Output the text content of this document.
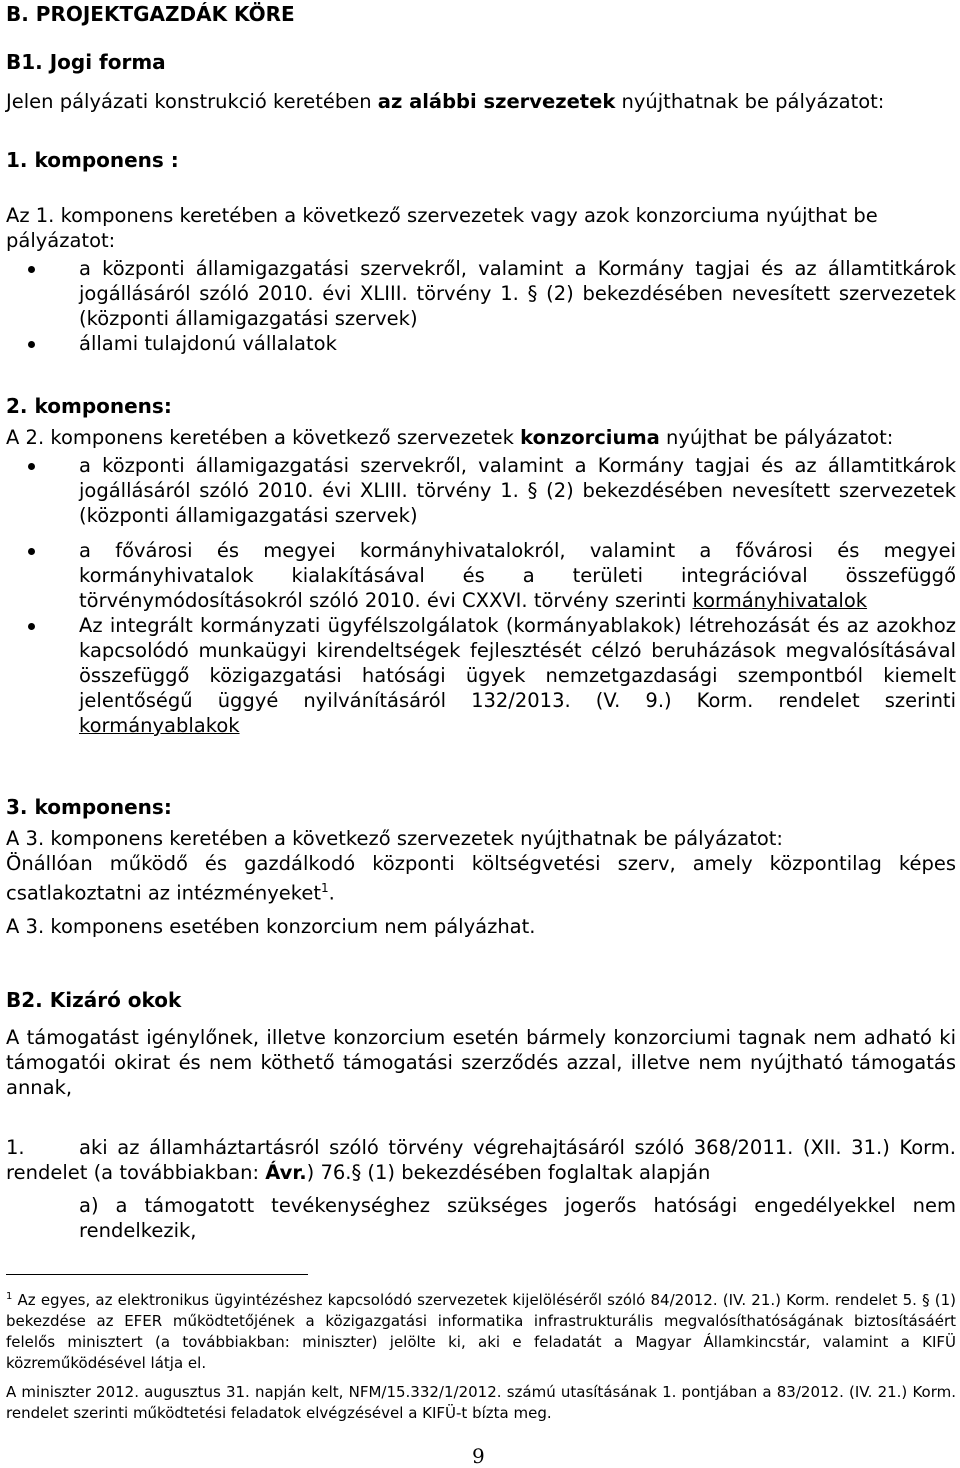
B. PROJEKTGAZDÁK KÖRE

B1. Jogi forma

Jelen pályázati konstrukció keretében az alábbi szervezetek nyújthatnak be pályázatot:

1. komponens :

Az 1. komponens keretében a következő szervezetek vagy azok konzorciuma nyújthat be pályázatot:

a központi államigazgatási szervekről, valamint a Kormány tagjai és az államtitkárok jogállásáról szóló 2010. évi XLIII. törvény 1. § (2) bekezdésében nevesített szervezetek (központi államigazgatási szervek)
állami tulajdonú vállalatok

2. komponens:

A 2. komponens keretében a következő szervezetek konzorciuma nyújthat be pályázatot:

a központi államigazgatási szervekről, valamint a Kormány tagjai és az államtitkárok jogállásáról szóló 2010. évi XLIII. törvény 1. § (2) bekezdésében nevesített szervezetek (központi államigazgatási szervek)
a fővárosi és megyei kormányhivatalokról, valamint a fővárosi és megyei kormányhivatalok kialakításával és a területi integrációval összefüggő törvénymódosításokról szóló 2010. évi CXXVI. törvény szerinti kormányhivatalok
Az integrált kormányzati ügyfélszolgálatok (kormányablakok) létrehozását és az azokhoz kapcsolódó munkaügyi kirendeltségek fejlesztését célzó beruházások megvalósításával összefüggő közigazgatási hatósági ügyek nemzetgazdasági szempontból kiemelt jelentőségű üggyé nyilvánításáról 132/2013. (V. 9.) Korm. rendelet szerinti kormányablakok

3. komponens:

A 3. komponens keretében a következő szervezetek nyújthatnak be pályázatot:

Önállóan működő és gazdálkodó központi költségvetési szerv, amely központilag képes csatlakoztatni az intézményeket$^1$.

A 3. komponens esetében konzorcium nem pályázhat.

B2. Kizáró okok

A támogatást igénylőnek, illetve konzorcium esetén bármely konzorciumi tagnak nem adható ki támogatói okirat és nem köthető támogatási szerződés azzal, illetve nem nyújtható támogatás annak,

1.	aki az államháztartásról szóló törvény végrehajtásáról szóló 368/2011. (XII. 31.) Korm. rendelet (a továbbiakban: Ávr.) 76.§ (1) bekezdésében foglaltak alapján

a) a támogatott tevékenységhez szükséges jogerős hatósági engedélyekkel nem rendelkezik,

$^1$ Az egyes, az elektronikus ügyintézéshez kapcsolódó szervezetek kijelöléséről szóló 84/2012. (IV. 21.) Korm. rendelet 5. § (1) bekezdése az EFER működtetőjének a közigazgatási informatika infrastrukturális megvalósíthatóságának biztosításáért felelős minisztert (a továbbiakban: miniszter) jelölte ki, aki e feladatát a Magyar Államkincstár, valamint a KIFÜ közreműködésével látja el.

A miniszter 2012. augusztus 31. napján kelt, NFM/15.332/1/2012. számú utasításának 1. pontjában a 83/2012. (IV. 21.) Korm. rendelet szerinti működtetési feladatok elvégzésével a KIFÜ-t bízta meg.

9
